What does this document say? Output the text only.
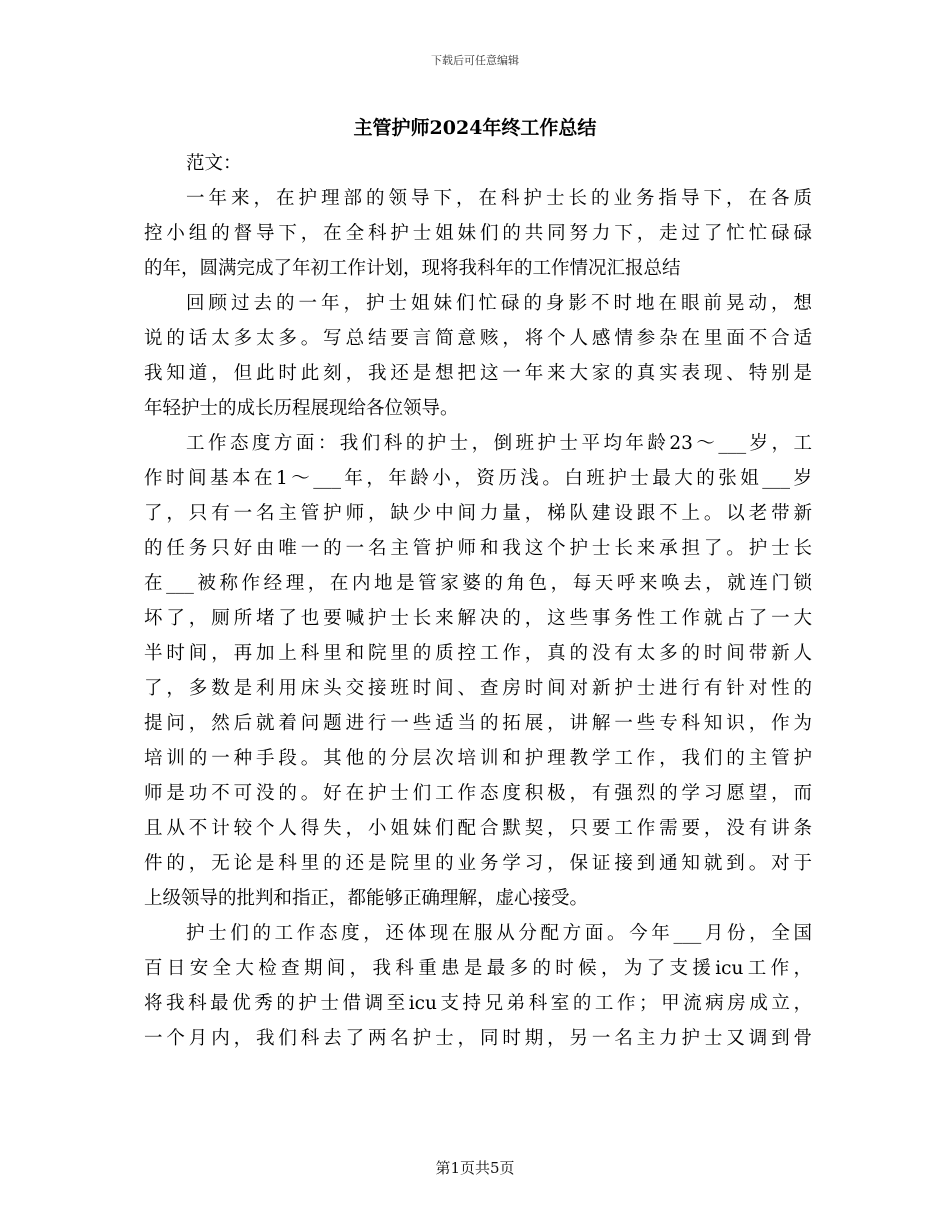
下载后可任意编辑
主管护师2024年终工作总结
范文：
一年来，在护理部的领导下，在科护士长的业务指导下，在各质
控小组的督导下，在全科护士姐妹们的共同努力下，走过了忙忙碌碌
的年，圆满完成了年初工作计划，现将我科年的工作情况汇报总结
回顾过去的一年，护士姐妹们忙碌的身影不时地在眼前晃动，想
说的话太多太多。写总结要言简意赅，将个人感情参杂在里面不合适
我知道，但此时此刻，我还是想把这一年来大家的真实表现、特别是
年轻护士的成长历程展现给各位领导。
工作态度方面：我们科的护士，倒班护士平均年龄23～___岁，工
作时间基本在1～___年，年龄小，资历浅。白班护士最大的张姐___岁
了，只有一名主管护师，缺少中间力量，梯队建设跟不上。以老带新
的任务只好由唯一的一名主管护师和我这个护士长来承担了。护士长
在___被称作经理，在内地是管家婆的角色，每天呼来唤去，就连门锁
坏了，厕所堵了也要喊护士长来解决的，这些事务性工作就占了一大
半时间，再加上科里和院里的质控工作，真的没有太多的时间带新人
了，多数是利用床头交接班时间、查房时间对新护士进行有针对性的
提问，然后就着问题进行一些适当的拓展，讲解一些专科知识，作为
培训的一种手段。其他的分层次培训和护理教学工作，我们的主管护
师是功不可没的。好在护士们工作态度积极，有强烈的学习愿望，而
且从不计较个人得失，小姐妹们配合默契，只要工作需要，没有讲条
件的，无论是科里的还是院里的业务学习，保证接到通知就到。对于
上级领导的批判和指正，都能够正确理解，虚心接受。
护士们的工作态度，还体现在服从分配方面。今年___月份，全国
百日安全大检查期间，我科重患是最多的时候，为了支援icu工作，
将我科最优秀的护士借调至icu支持兄弟科室的工作；甲流病房成立，
一个月内，我们科去了两名护士，同时期，另一名主力护士又调到骨
第1页共5页
